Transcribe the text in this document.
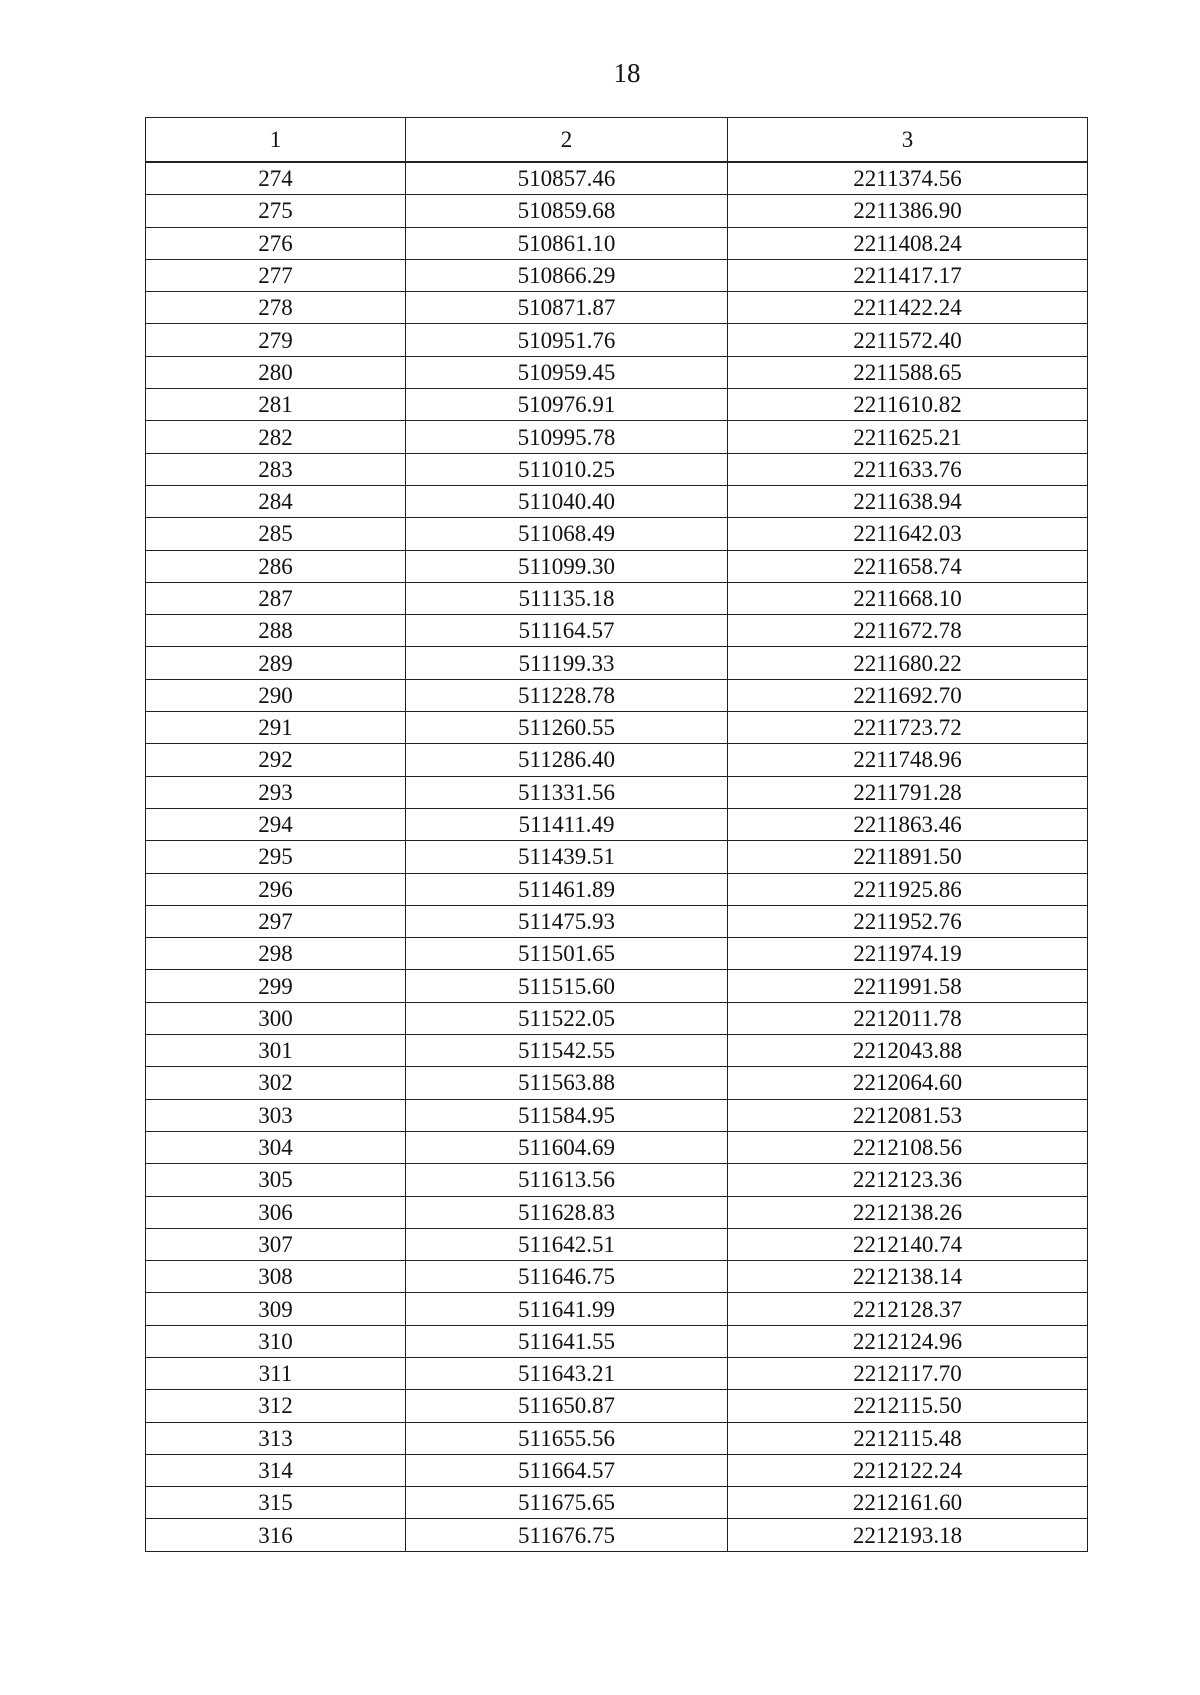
18
1	2	3
274	510857.46	2211374.56
275	510859.68	2211386.90
276	510861.10	2211408.24
277	510866.29	2211417.17
278	510871.87	2211422.24
279	510951.76	2211572.40
280	510959.45	2211588.65
281	510976.91	2211610.82
282	510995.78	2211625.21
283	511010.25	2211633.76
284	511040.40	2211638.94
285	511068.49	2211642.03
286	511099.30	2211658.74
287	511135.18	2211668.10
288	511164.57	2211672.78
289	511199.33	2211680.22
290	511228.78	2211692.70
291	511260.55	2211723.72
292	511286.40	2211748.96
293	511331.56	2211791.28
294	511411.49	2211863.46
295	511439.51	2211891.50
296	511461.89	2211925.86
297	511475.93	2211952.76
298	511501.65	2211974.19
299	511515.60	2211991.58
300	511522.05	2212011.78
301	511542.55	2212043.88
302	511563.88	2212064.60
303	511584.95	2212081.53
304	511604.69	2212108.56
305	511613.56	2212123.36
306	511628.83	2212138.26
307	511642.51	2212140.74
308	511646.75	2212138.14
309	511641.99	2212128.37
310	511641.55	2212124.96
311	511643.21	2212117.70
312	511650.87	2212115.50
313	511655.56	2212115.48
314	511664.57	2212122.24
315	511675.65	2212161.60
316	511676.75	2212193.18
